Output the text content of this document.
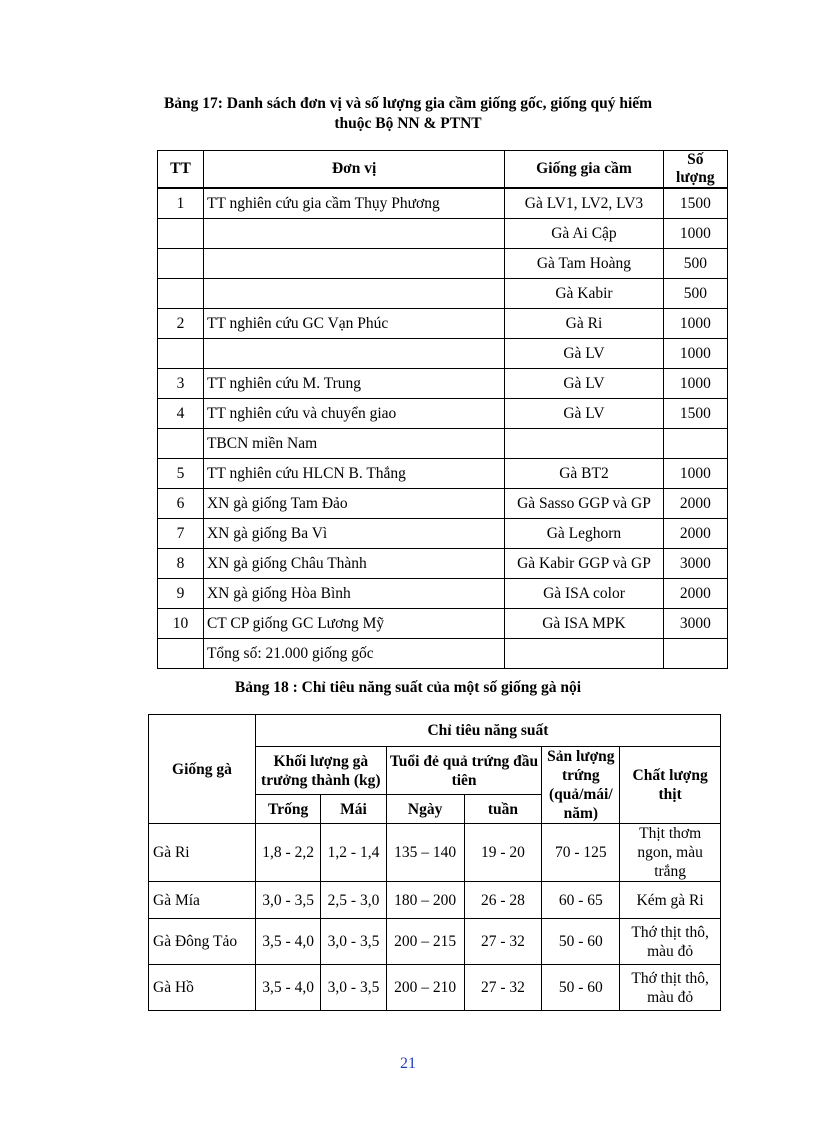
Bảng 17: Danh sách đơn vị và số lượng gia cầm giống gốc, giống quý hiếm
thuộc Bộ NN & PTNT
TT	Đơn vị	Giống gia cầm	Số lượng
1	TT nghiên cứu gia cầm Thụy Phương	Gà LV1, LV2, LV3	1500
		Gà Ai Cập	1000
		Gà Tam Hoàng	500
		Gà Kabir	500
2	TT nghiên cứu GC Vạn Phúc	Gà Ri	1000
		Gà LV	1000
3	TT nghiên cứu M. Trung	Gà LV	1000
4	TT nghiên cứu và chuyển giao	Gà LV	1500
	TBCN miền Nam		
5	TT nghiên cứu HLCN B. Thắng	Gà BT2	1000
6	XN gà giống Tam Đảo	Gà Sasso GGP và GP	2000
7	XN gà giống Ba Vì	Gà Leghorn	2000
8	XN gà giống Châu Thành	Gà Kabir GGP và GP	3000
9	XN gà giống Hòa Bình	Gà ISA color	2000
10	CT CP giống GC Lương Mỹ	Gà ISA MPK	3000
	Tổng số: 21.000 giống gốc		
Bảng 18 : Chỉ tiêu năng suất của một số giống gà nội
Giống gà	Chỉ tiêu năng suất					
	Khối lượng gà trưởng thành (kg)		Tuổi đẻ quả trứng đầu tiên		Sản lượng trứng (quả/mái/ năm)	Chất lượng thịt
	Trống	Mái	Ngày	tuần		
Gà Ri	1,8 - 2,2	1,2 - 1,4	135 – 140	19 - 20	70 - 125	Thịt thơm ngon, màu trắng
Gà Mía	3,0 - 3,5	2,5 - 3,0	180 – 200	26 - 28	60 - 65	Kém gà Ri
Gà Đông Tảo	3,5 - 4,0	3,0 - 3,5	200 – 215	27 - 32	50 - 60	Thớ thịt thô, màu đỏ
Gà Hồ	3,5 - 4,0	3,0 - 3,5	200 – 210	27 - 32	50 - 60	Thớ thịt thô, màu đỏ
21
